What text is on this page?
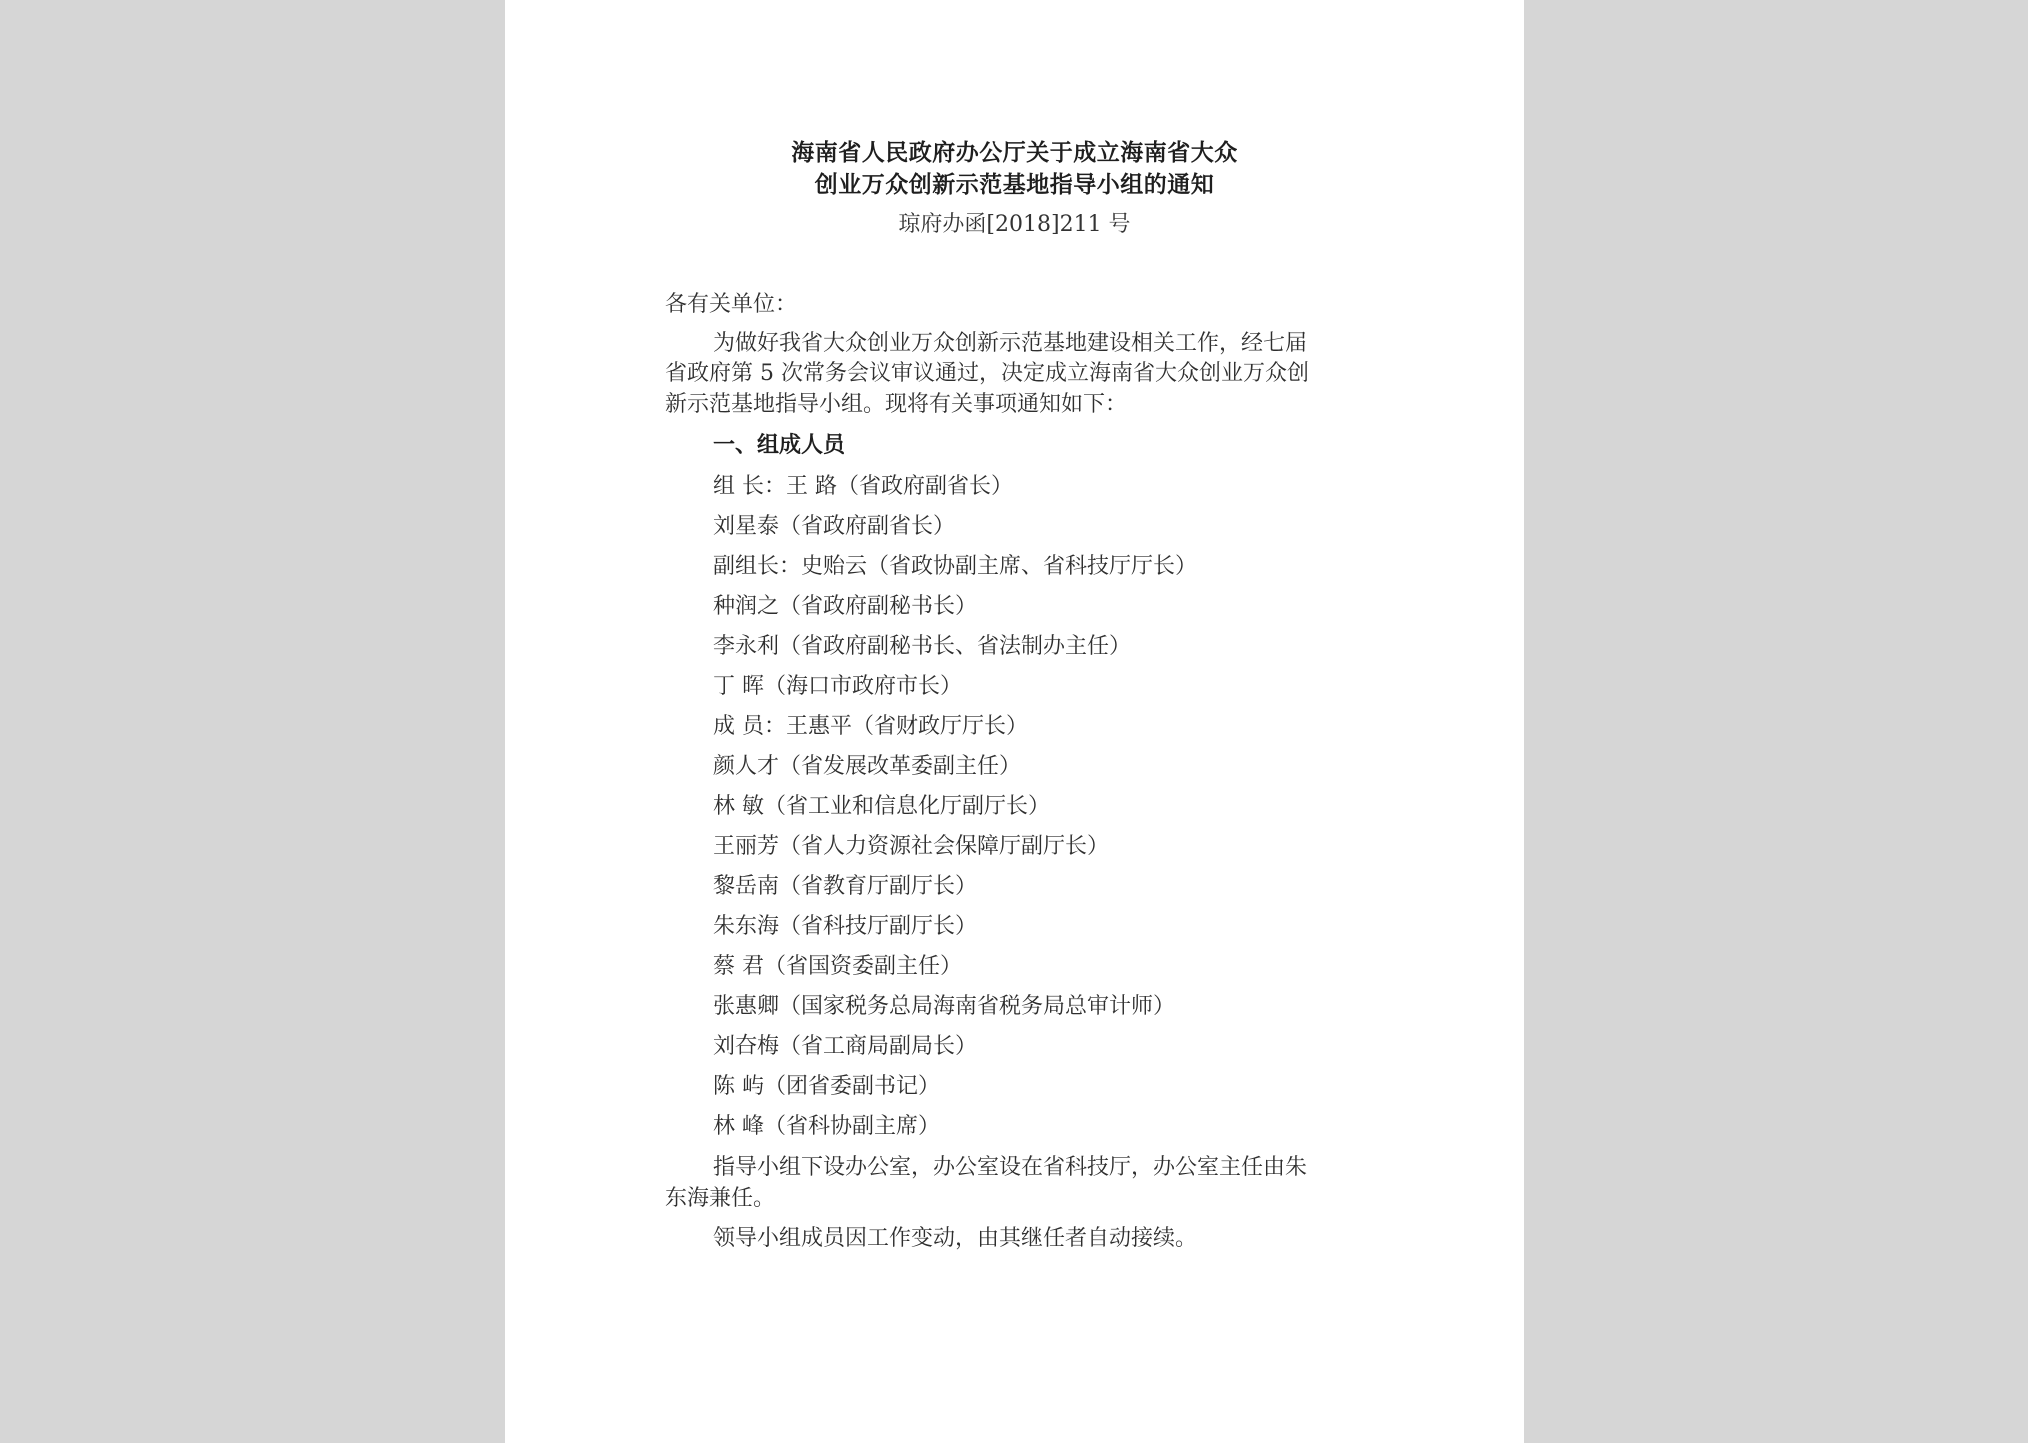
海南省人民政府办公厅关于成立海南省大众
创业万众创新示范基地指导小组的通知
琼府办函[2018]211 号
各有关单位：
为做好我省大众创业万众创新示范基地建设相关工作，经七届
省政府第 5 次常务会议审议通过，决定成立海南省大众创业万众创
新示范基地指导小组。现将有关事项通知如下：
一、组成人员
组 长：王 路（省政府副省长）
刘星泰（省政府副省长）
副组长：史贻云（省政协副主席、省科技厅厅长）
种润之（省政府副秘书长）
李永利（省政府副秘书长、省法制办主任）
丁 晖（海口市政府市长）
成 员：王惠平（省财政厅厅长）
颜人才（省发展改革委副主任）
林 敏（省工业和信息化厅副厅长）
王丽芳（省人力资源社会保障厅副厅长）
黎岳南（省教育厅副厅长）
朱东海（省科技厅副厅长）
蔡 君（省国资委副主任）
张惠卿（国家税务总局海南省税务局总审计师）
刘夻梅（省工商局副局长）
陈 屿（团省委副书记）
林 峰（省科协副主席）
指导小组下设办公室，办公室设在省科技厅，办公室主任由朱
东海兼任。
领导小组成员因工作变动，由其继任者自动接续。
